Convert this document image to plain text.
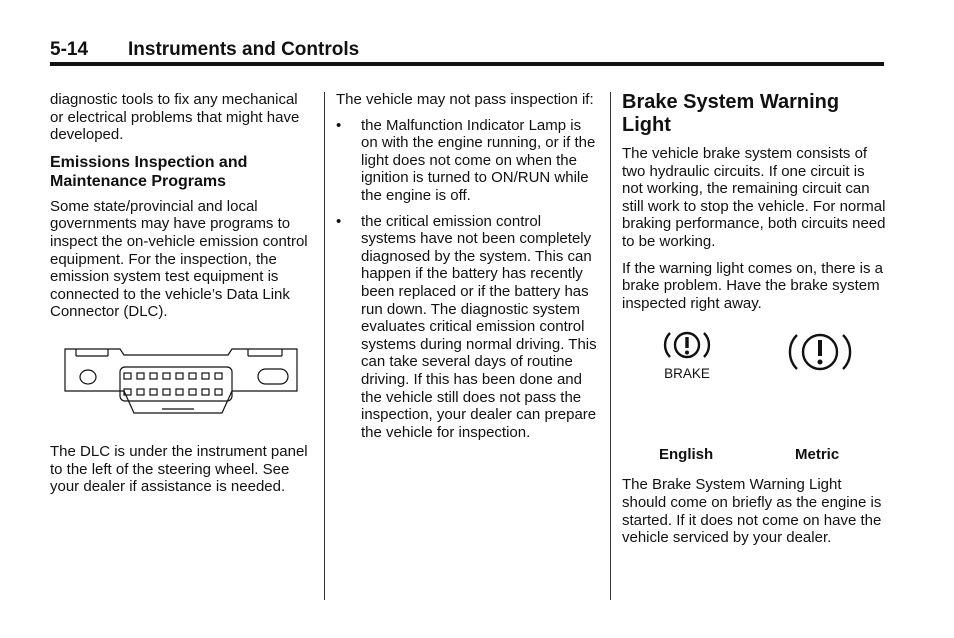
5-14 Instruments and Controls

diagnostic tools to fix any mechanical or electrical problems that might have developed.

Emissions Inspection and Maintenance Programs

Some state/provincial and local governments may have programs to inspect the on-vehicle emission control equipment. For the inspection, the emission system test equipment is connected to the vehicle’s Data Link Connector (DLC).

The DLC is under the instrument panel to the left of the steering wheel. See your dealer if assistance is needed.

The vehicle may not pass inspection if:

• the Malfunction Indicator Lamp is on with the engine running, or if the light does not come on when the ignition is turned to ON/RUN while the engine is off.
• the critical emission control systems have not been completely diagnosed by the system. This can happen if the battery has recently been replaced or if the battery has run down. The diagnostic system evaluates critical emission control systems during normal driving. This can take several days of routine driving. If this has been done and the vehicle still does not pass the inspection, your dealer can prepare the vehicle for inspection.
Brake System Warning Light

The vehicle brake system consists of two hydraulic circuits. If one circuit is not working, the remaining circuit can still work to stop the vehicle. For normal braking performance, both circuits need to be working.

If the warning light comes on, there is a brake problem. Have the brake system inspected right away.

BRAKE
English	Metric

The Brake System Warning Light should come on briefly as the engine is started. If it does not come on have the vehicle serviced by your dealer.
